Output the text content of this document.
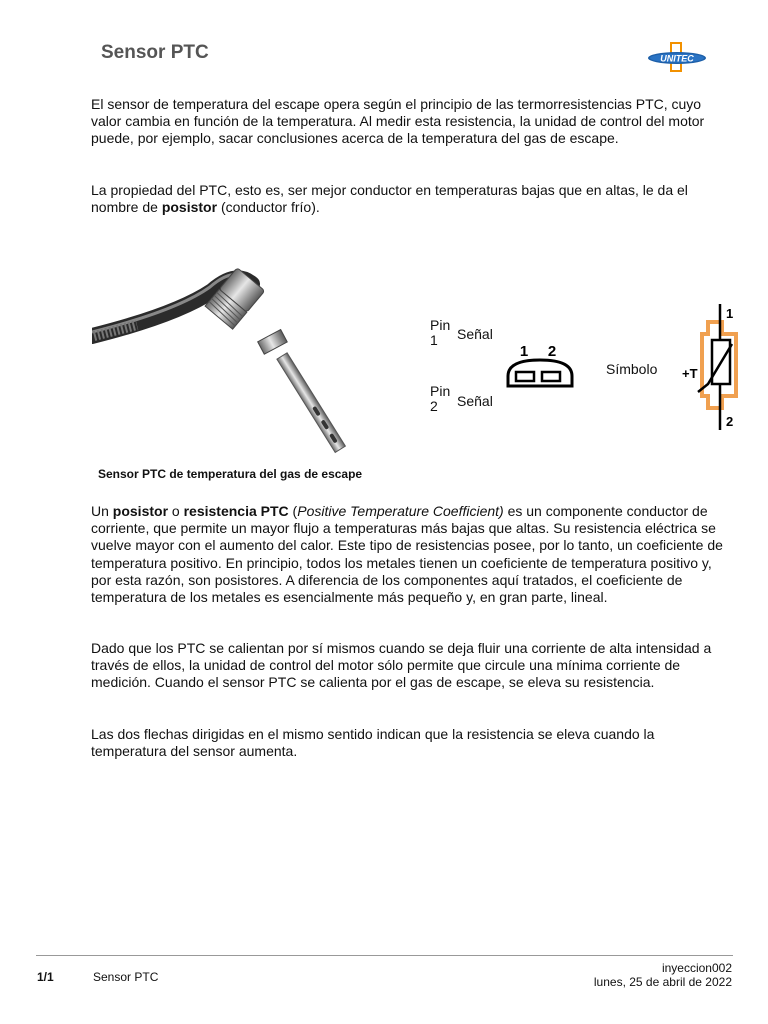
Sensor PTC	UNITEC

El sensor de temperatura del escape opera según el principio de las termorresistencias PTC, cuyo valor cambia en función de la temperatura. Al medir esta resistencia, la unidad de control del motor puede, por ejemplo, sacar conclusiones acerca de la temperatura del gas de escape.

La propiedad del PTC, esto es, ser mejor conductor en temperaturas bajas que en altas, le da el nombre de posistor (conductor frío).

Sensor PTC de temperatura del gas de escape
Pin
1	Señal
Pin
2	Señal
1 2
Símbolo
1
2
+T

Un posistor o resistencia PTC (Positive Temperature Coefficient) es un componente conductor de corriente, que permite un mayor flujo a temperaturas más bajas que altas. Su resistencia eléctrica se vuelve mayor con el aumento del calor. Este tipo de resistencias posee, por lo tanto, un coeficiente de temperatura positivo. En principio, todos los metales tienen un coeficiente de temperatura positivo y, por esta razón, son posistores. A diferencia de los componentes aquí tratados, el coeficiente de temperatura de los metales es esencialmente más pequeño y, en gran parte, lineal.

Dado que los PTC se calientan por sí mismos cuando se deja fluir una corriente de alta intensidad a través de ellos, la unidad de control del motor sólo permite que circule una mínima corriente de medición. Cuando el sensor PTC se calienta por el gas de escape, se eleva su resistencia.

Las dos flechas dirigidas en el mismo sentido indican que la resistencia se eleva cuando la temperatura del sensor aumenta.

1/1	Sensor PTC
inyeccion002
lunes, 25 de abril de 2022
